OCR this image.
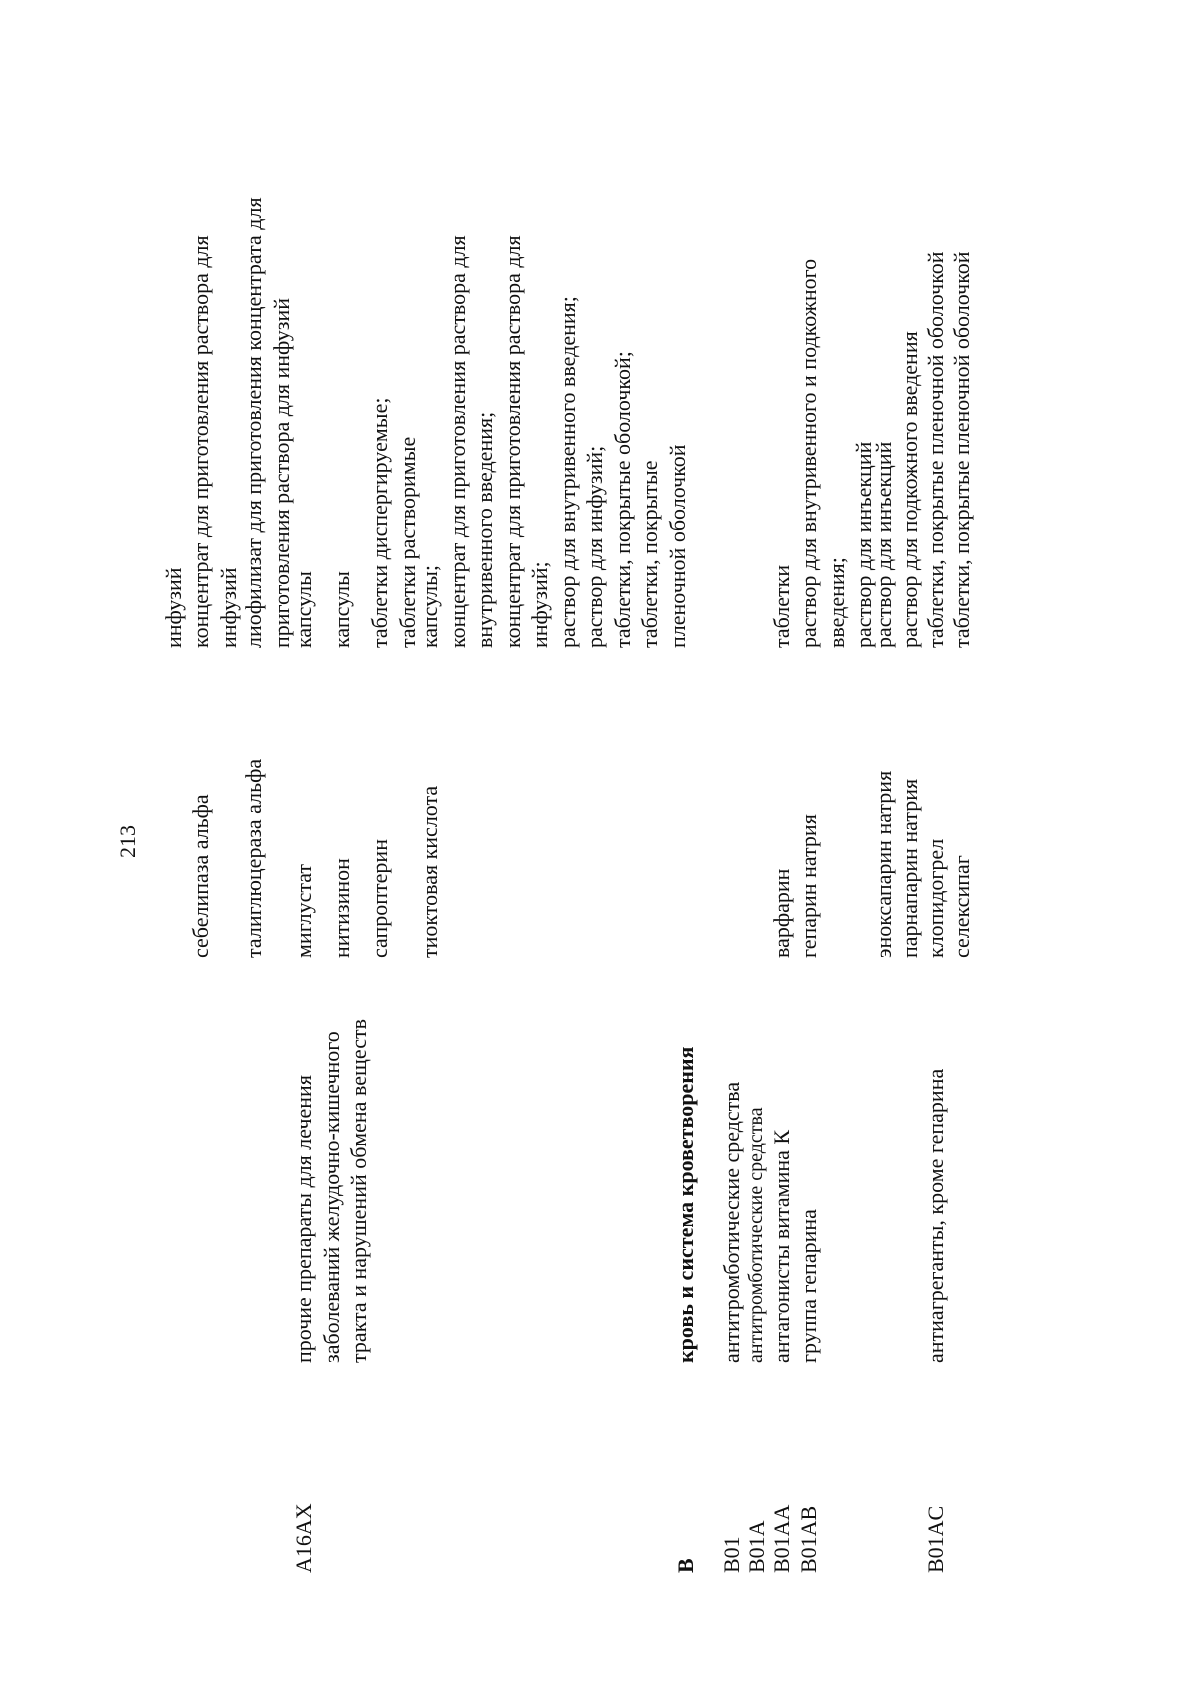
213
инфузий
себелипаза альфа
концентрат для приготовления раствора для инфузий
талиглюцераза альфа
лиофилизат для приготовления концентрата для приготовления раствора для инфузий
A16AX
прочие препараты для лечения заболеваний желудочно-кишечного тракта и нарушений обмена веществ
миглустат
капсулы
нитизинон
капсулы
сапроптерин
таблетки диспергируемые; таблетки растворимые
тиоктовая кислота
капсулы; концентрат для приготовления раствора для внутривенного введения; концентрат для приготовления раствора для инфузий; раствор для внутривенного введения; раствор для инфузий; таблетки, покрытые оболочкой; таблетки, покрытые пленочной оболочкой
B
кровь и система кроветворения
B01
антитромботические средства
B01A
антитромботические средства
B01AA
антагонисты витамина К
варфарин
таблетки
B01AB
группа гепарина
гепарин натрия
раствор для внутривенного и подкожного введения; раствор для инъекций
эноксапарин натрия
раствор для инъекций
парнапарин натрия
раствор для подкожного введения
B01AC
антиагреганты, кроме гепарина
клопидогрел
таблетки, покрытые пленочной оболочкой
селексипаг
таблетки, покрытые пленочной оболочкой
